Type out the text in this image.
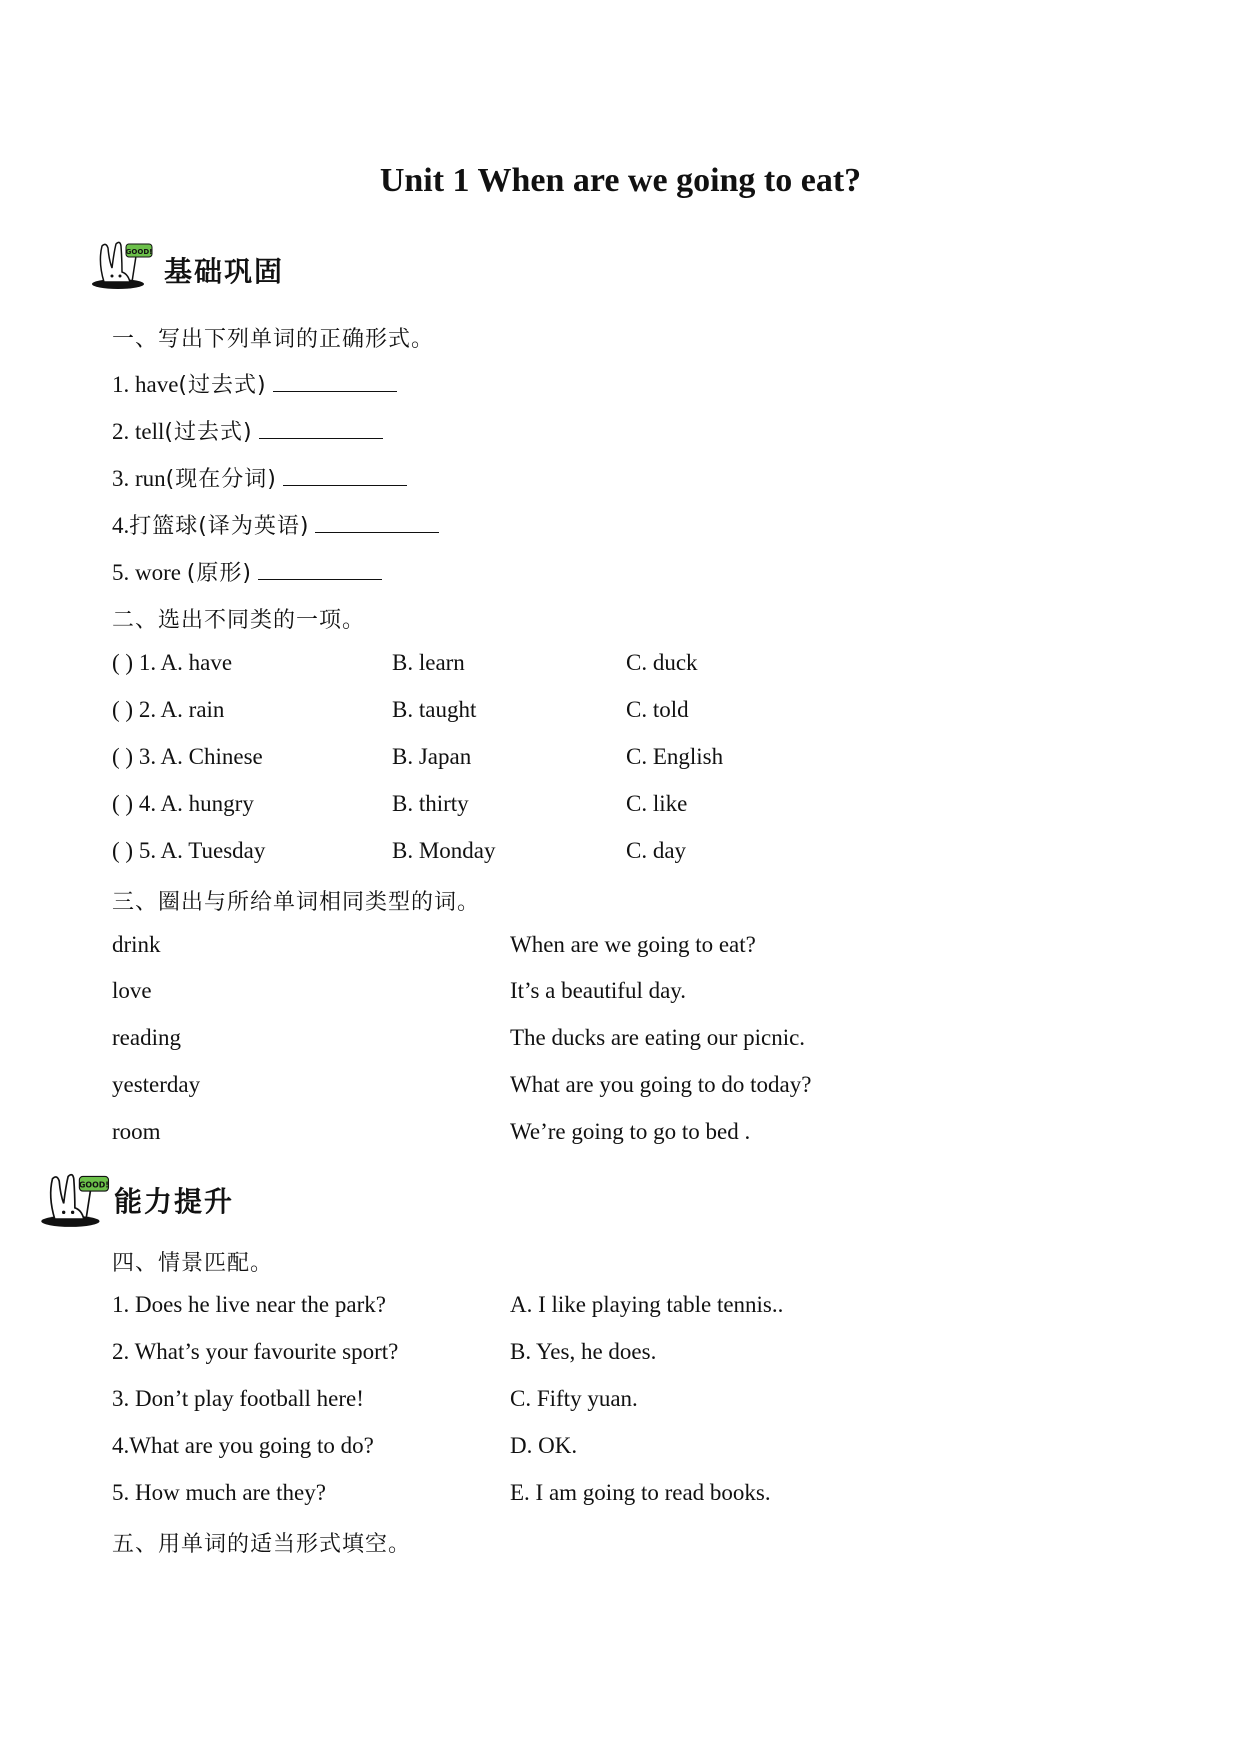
Unit 1 When are we going to eat?
GOOD!
基础巩固
一、写出下列单词的正确形式。
1. have(过去式)
2. tell(过去式)
3. run(现在分词)
4.打篮球(译为英语)
5. wore (原形)
二、选出不同类的一项。
( ) 1. A. have	B. learn	C. duck
( ) 2. A. rain	B. taught	C. told
( ) 3. A. Chinese	B. Japan	C. English
( ) 4. A. hungry	B. thirty	C. like
( ) 5. A. Tuesday	B. Monday	C. day
三、圈出与所给单词相同类型的词。
drink	When are we going to eat?
love	It’s a beautiful day.
reading	The ducks are eating our picnic.
yesterday	What are you going to do today?
room	We’re going to go to bed .
GOOD! 能力提升
四、情景匹配。
1. Does he live near the park?	A. I like playing table tennis..
2. What’s your favourite sport?	B. Yes, he does.
3. Don’t play football here!	C. Fifty yuan.
4.What are you going to do?	D. OK.
5. How much are they?	E. I am going to read books.
五、用单词的适当形式填空。
